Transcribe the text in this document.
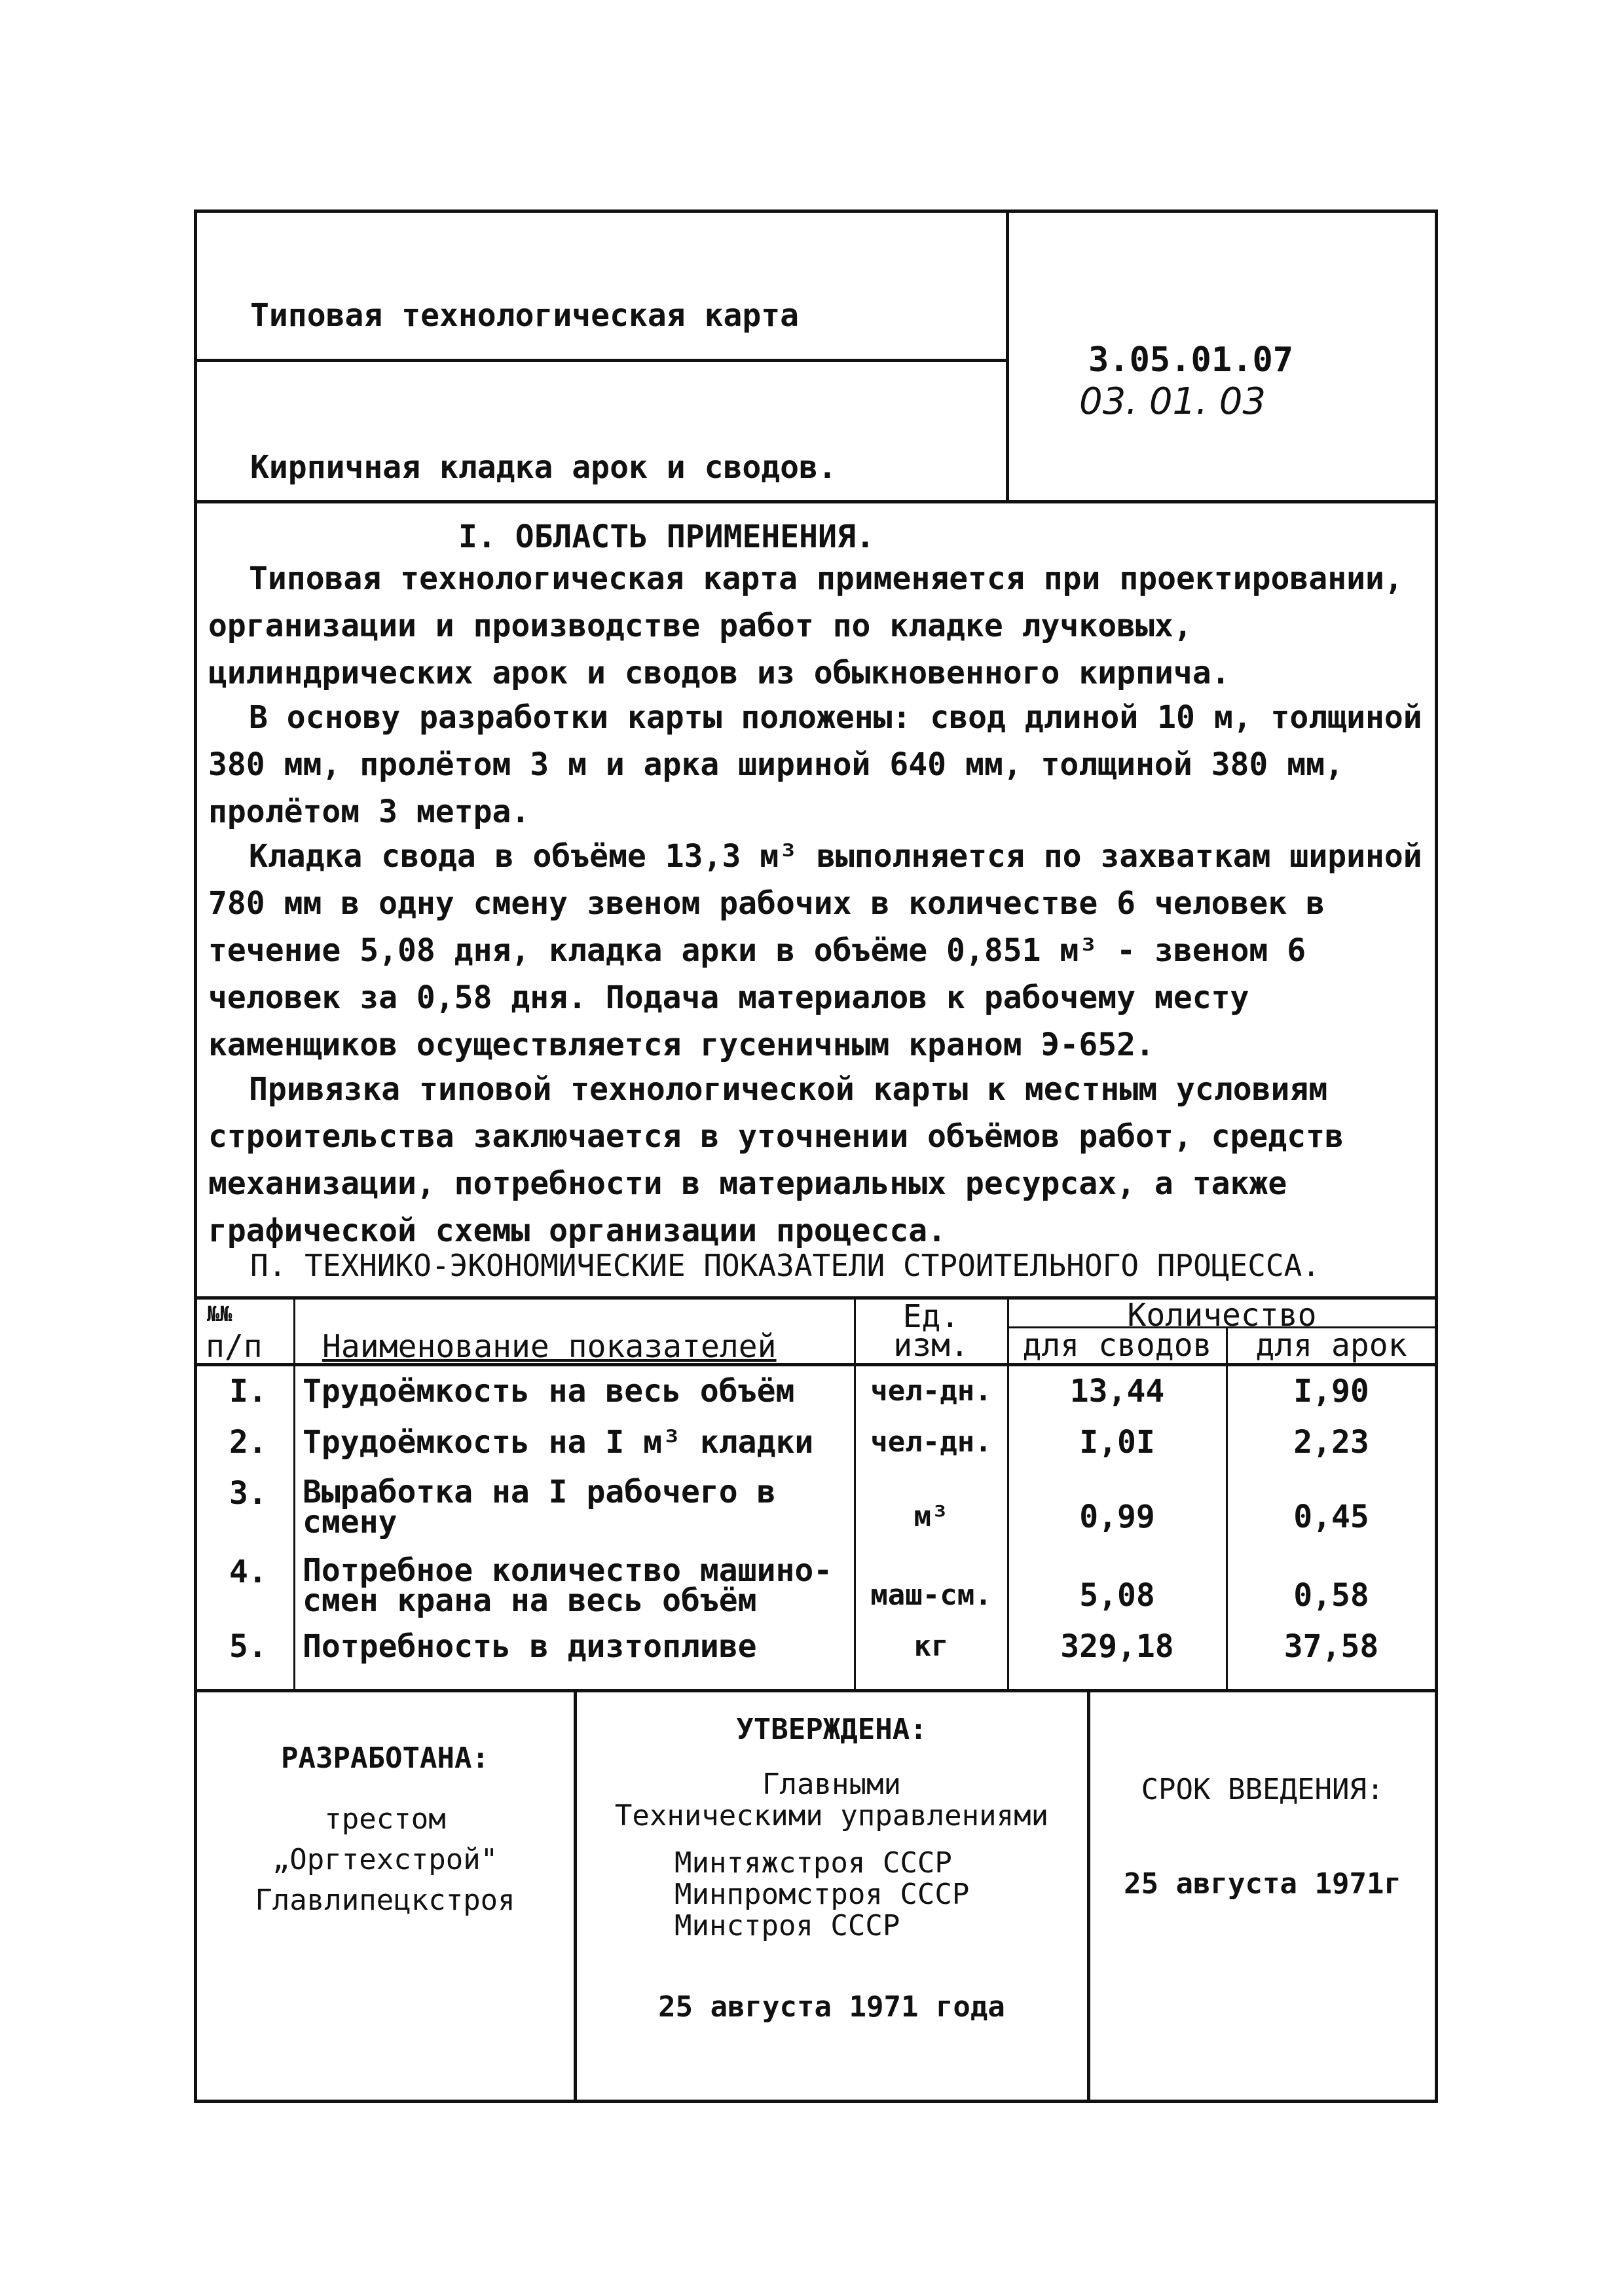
Типовая технологическая карта
Кирпичная кладка арок и сводов.
3.05.01.07
03. 01. 03
I. ОБЛАСТЬ ПРИМЕНЕНИЯ.
Типовая технологическая карта применяется при проектировании, организации и производстве работ по кладке лучковых, цилиндрических арок и сводов из обыкновенного кирпича.
В основу разработки карты положены: свод длиной 10 м, толщиной 380 мм, пролётом 3 м и арка шириной 640 мм, толщиной 380 мм, пролётом 3 метра.
Кладка свода в объёме 13,3 м³ выполняется по захваткам шириной 780 мм в одну смену звеном рабочих в количестве 6 человек в течение 5,08 дня, кладка арки в объёме 0,851 м³ - звеном 6 человек за 0,58 дня. Подача материалов к рабочему месту каменщиков осуществляется гусеничным краном Э-652.
Привязка типовой технологической карты к местным условиям строительства заключается в уточнении объёмов работ, средств механизации, потребности в материальных ресурсах, а также графической схемы организации процесса.
П. ТЕХНИКО-ЭКОНОМИЧЕСКИЕ ПОКАЗАТЕЛИ СТРОИТЕЛЬНОГО ПРОЦЕССА.
№№
п/п Наименование показателей
Ед.
изм.
Количество
для сводов	для арок
I. Трудоёмкость на весь объём	чел-дн.	13,44	I,90
2. Трудоёмкость на I м³ кладки	чел-дн.	I,0I	2,23
3. Выработка на I рабочего в
смену	м³	0,99	0,45
4. Потребное количество машино-
смен крана на весь объём	маш-см.	5,08	0,58
5. Потребность в дизтопливе	кг	329,18	37,58
РАЗРАБОТАНА:
трестом
„Оргтехстрой"
Главлипецкстроя
УТВЕРЖДЕНА:
Главными
Техническими управлениями
Минтяжстроя СССР
Минпромстроя СССР
Минстроя СССР
25 августа 1971 года
СРОК ВВЕДЕНИЯ:
25 августа 1971г
